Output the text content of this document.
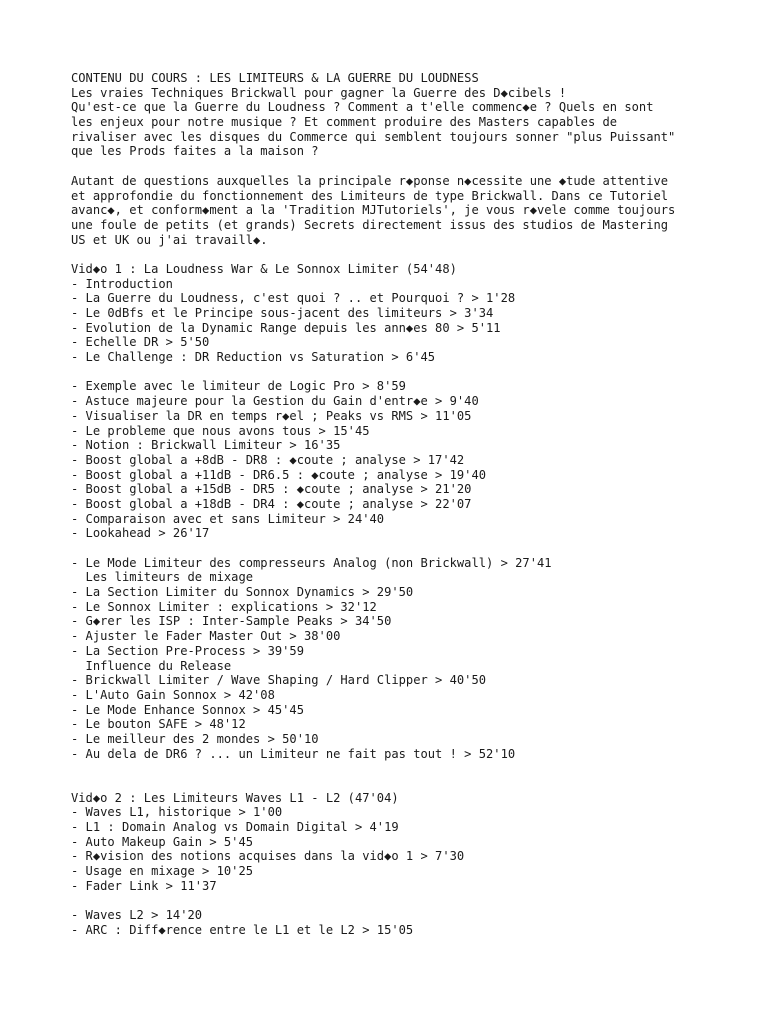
CONTENU DU COURS : LES LIMITEURS & LA GUERRE DU LOUDNESS
Les vraies Techniques Brickwall pour gagner la Guerre des D◆cibels !
Qu'est-ce que la Guerre du Loudness ? Comment a t'elle commenc◆e ? Quels en sont
les enjeux pour notre musique ? Et comment produire des Masters capables de
rivaliser avec les disques du Commerce qui semblent toujours sonner "plus Puissant"
que les Prods faites a la maison ?
Autant de questions auxquelles la principale r◆ponse n◆cessite une ◆tude attentive
et approfondie du fonctionnement des Limiteurs de type Brickwall. Dans ce Tutoriel
avanc◆, et conform◆ment a la 'Tradition MJTutoriels', je vous r◆vele comme toujours
une foule de petits (et grands) Secrets directement issus des studios de Mastering
US et UK ou j'ai travaill◆.
Vid◆o 1 : La Loudness War & Le Sonnox Limiter (54'48)
- Introduction
- La Guerre du Loudness, c'est quoi ? .. et Pourquoi ? > 1'28
- Le 0dBfs et le Principe sous-jacent des limiteurs > 3'34
- Evolution de la Dynamic Range depuis les ann◆es 80 > 5'11
- Echelle DR > 5'50
- Le Challenge : DR Reduction vs Saturation > 6'45
- Exemple avec le limiteur de Logic Pro > 8'59
- Astuce majeure pour la Gestion du Gain d'entr◆e > 9'40
- Visualiser la DR en temps r◆el ; Peaks vs RMS > 11'05
- Le probleme que nous avons tous > 15'45
- Notion : Brickwall Limiteur > 16'35
- Boost global a +8dB - DR8 : ◆coute ; analyse > 17'42
- Boost global a +11dB - DR6.5 : ◆coute ; analyse > 19'40
- Boost global a +15dB - DR5 : ◆coute ; analyse > 21'20
- Boost global a +18dB - DR4 : ◆coute ; analyse > 22'07
- Comparaison avec et sans Limiteur > 24'40
- Lookahead > 26'17
- Le Mode Limiteur des compresseurs Analog (non Brickwall) > 27'41
Les limiteurs de mixage
- La Section Limiter du Sonnox Dynamics > 29'50
- Le Sonnox Limiter : explications > 32'12
- G◆rer les ISP : Inter-Sample Peaks > 34'50
- Ajuster le Fader Master Out > 38'00
- La Section Pre-Process > 39'59
Influence du Release
- Brickwall Limiter / Wave Shaping / Hard Clipper > 40'50
- L'Auto Gain Sonnox > 42'08
- Le Mode Enhance Sonnox > 45'45
- Le bouton SAFE > 48'12
- Le meilleur des 2 mondes > 50'10
- Au dela de DR6 ? ... un Limiteur ne fait pas tout ! > 52'10
Vid◆o 2 : Les Limiteurs Waves L1 - L2 (47'04)
- Waves L1, historique > 1'00
- L1 : Domain Analog vs Domain Digital > 4'19
- Auto Makeup Gain > 5'45
- R◆vision des notions acquises dans la vid◆o 1 > 7'30
- Usage en mixage > 10'25
- Fader Link > 11'37
- Waves L2 > 14'20
- ARC : Diff◆rence entre le L1 et le L2 > 15'05
